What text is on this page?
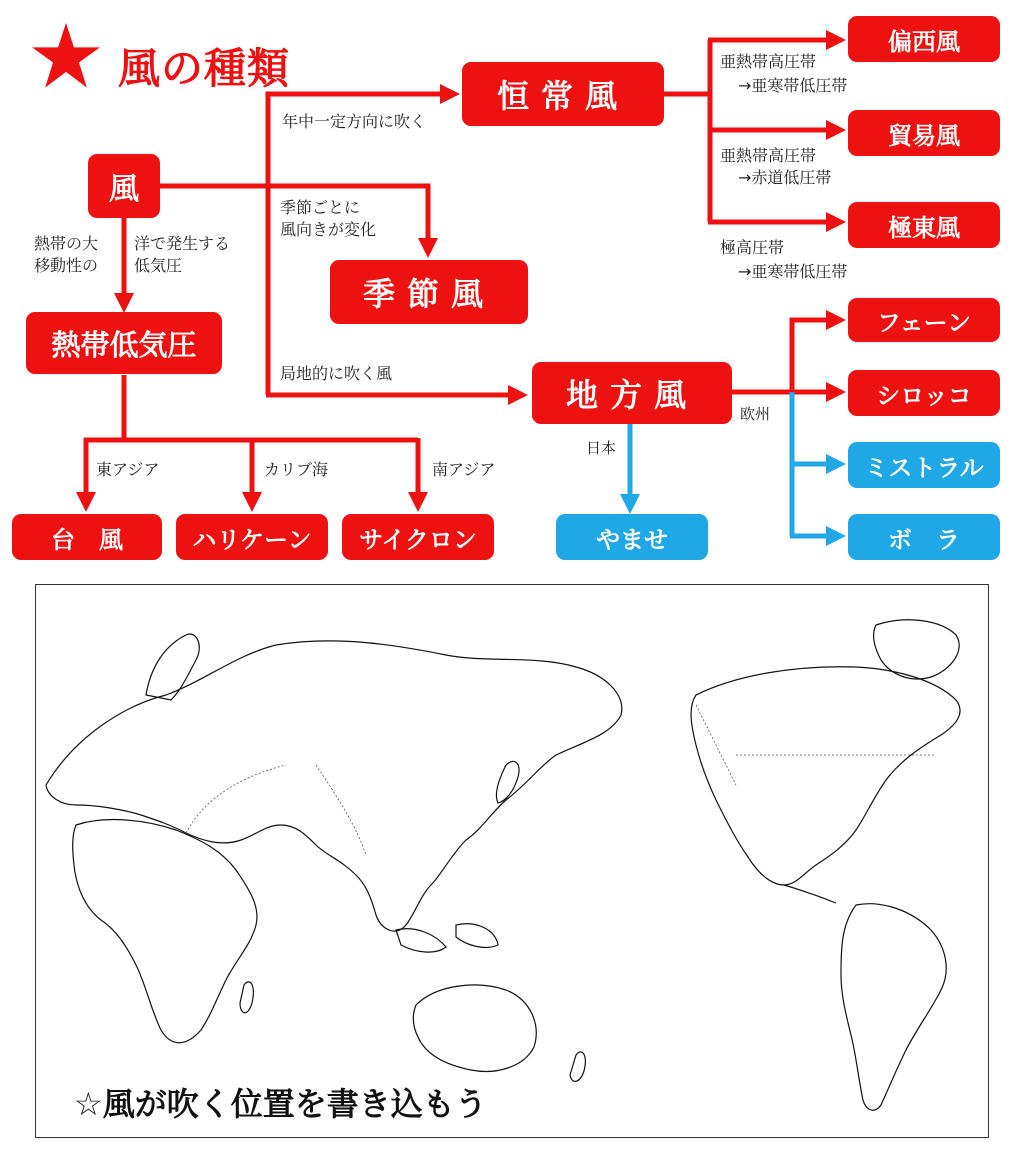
風の種類
風
恒常風
季節風
地方風
熱帯低気圧
偏西風
貿易風
極東風
フェーン
シロッコ
ミストラル
ボ　ラ
やませ
台　風	ハリケーン	サイクロン
年中一定方向に吹く
季節ごとに
風向きが変化
局地的に吹く風
熱帯の大 洋で発生する
移動性の 低気圧
亜熱帯高圧帯
→亜寒帯低圧帯
亜熱帯高圧帯
→赤道低圧帯
極高圧帯
→亜寒帯低圧帯
欧州
日本
東アジア	カリブ海	南アジア
☆風が吹く位置を書き込もう
